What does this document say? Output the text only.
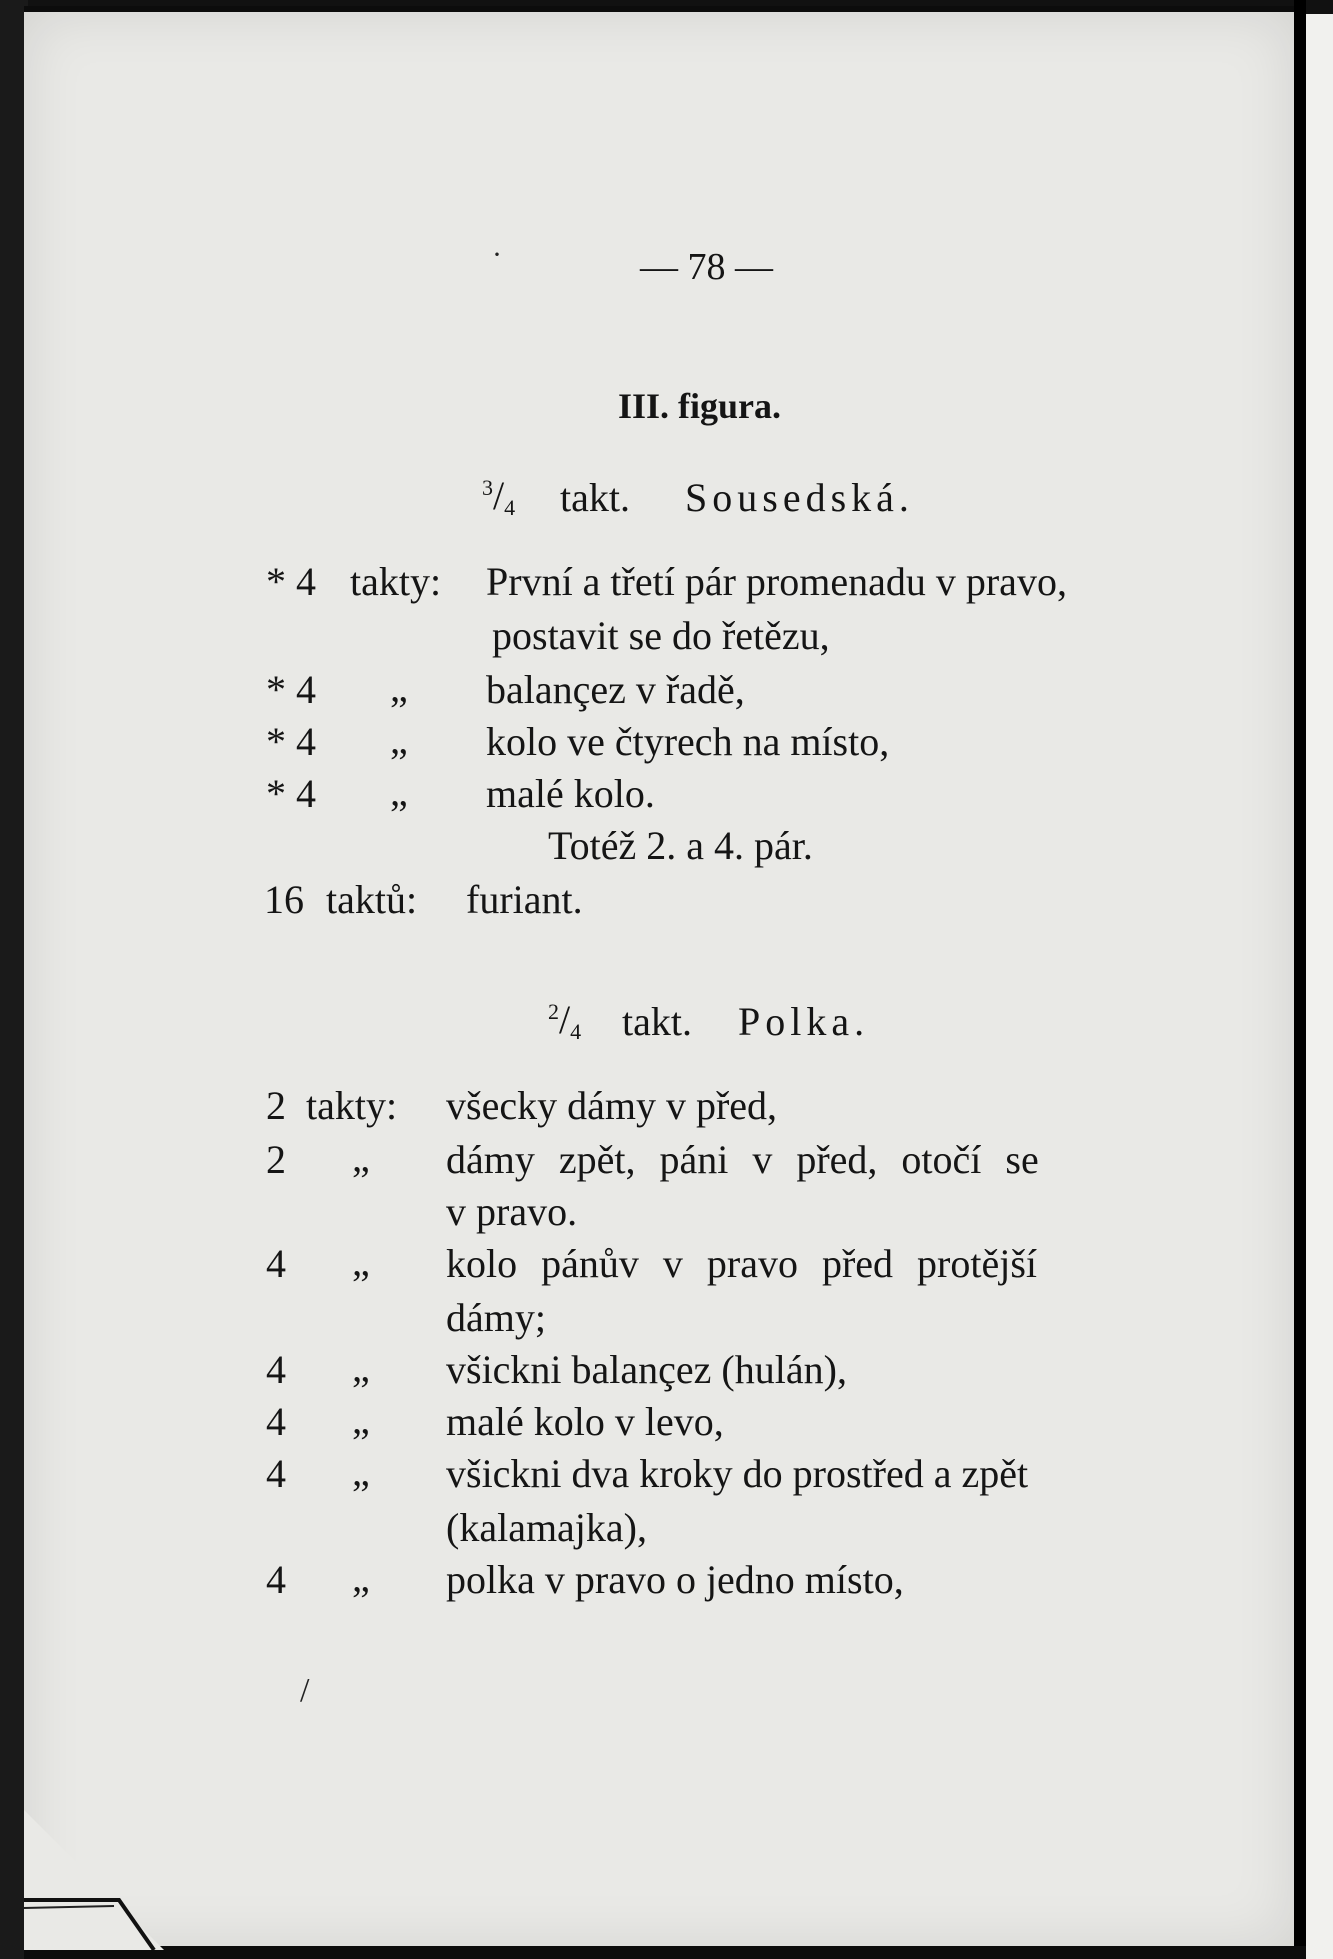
— 78 —
·
III. figura.
$^3/_4$ takt. Sousedská.
* 4 takty: První a třetí pár promenadu v pravo,
postavit se do řetězu,
* 4 „ balançez v řadě,
* 4 „ kolo ve čtyrech na místo,
* 4 „ malé kolo.
Totéž 2. a 4. pár.
16 taktů: furiant.
$^2/_4$ takt. Polka.
2 takty: všecky dámy v před,
2 „ dámy zpět, páni v před, otočí se
v pravo.
4 „ kolo pánův v pravo před protější
dámy;
4 „ všickni balançez (hulán),
4 „ malé kolo v levo,
4 „ všickni dva kroky do prostřed a zpět
(kalamajka),
4 „ polka v pravo o jedno místo,
/
